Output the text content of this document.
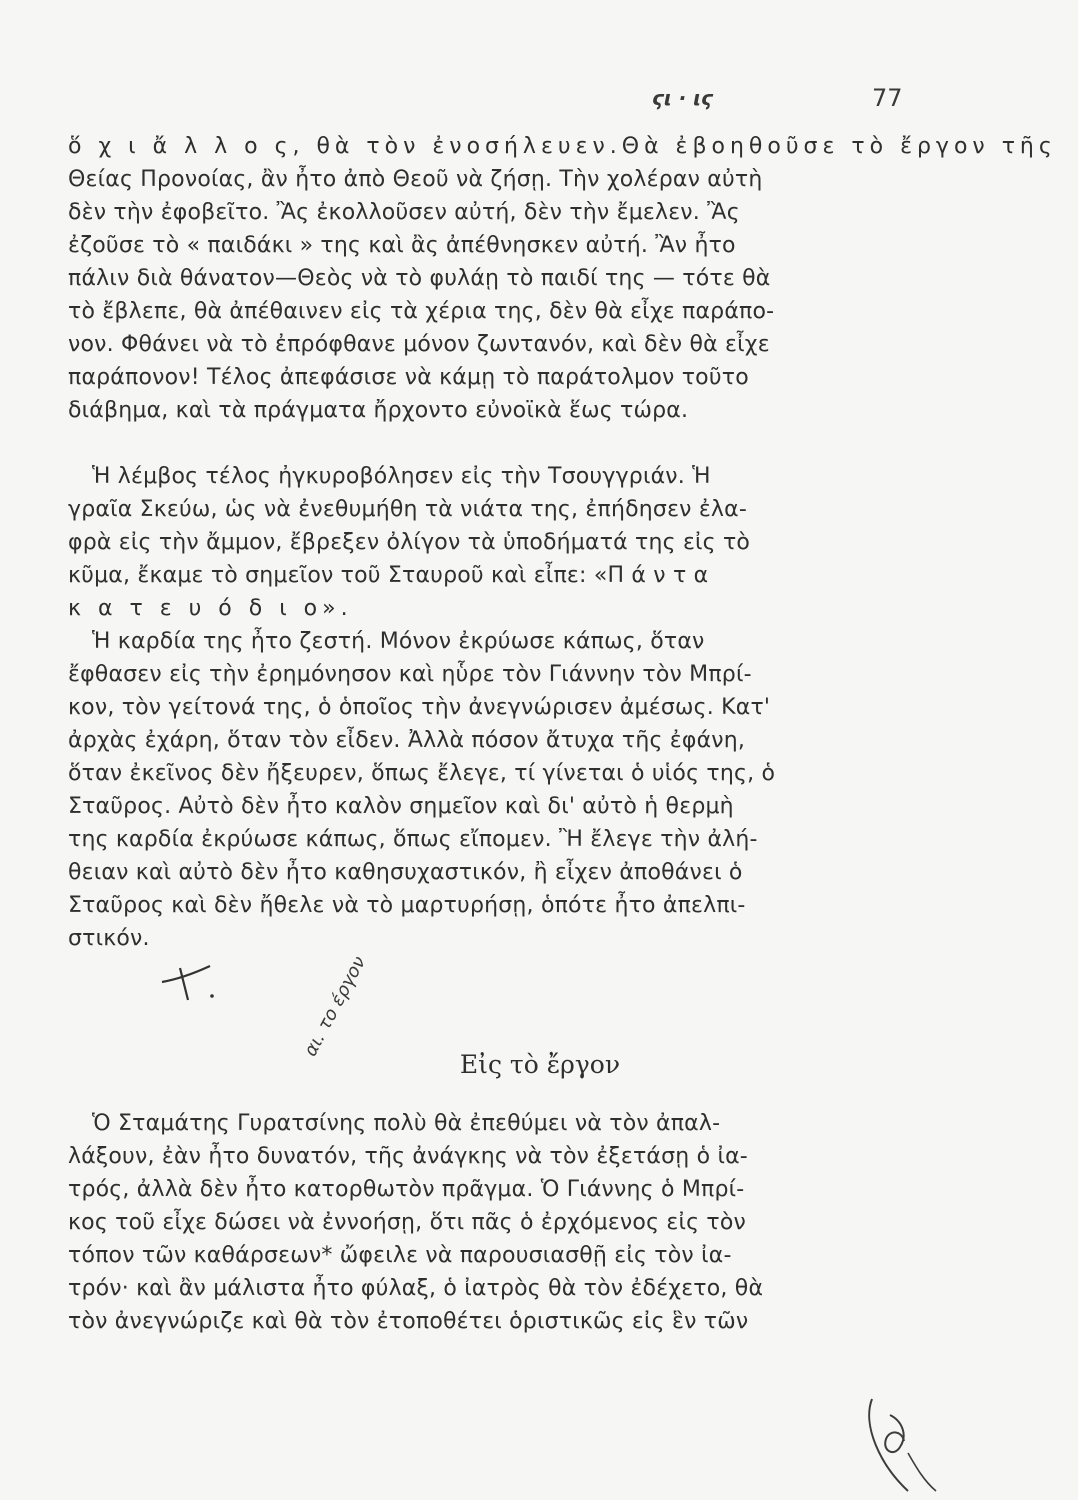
ϛι · ιϛ	77
ὅ χ ι ἄ λ λ ο ς, θὰ τὸν ἐνοσήλευεν.Θὰ ἐβοηθοῦσε τὸ ἔργον τῆς
Θείας Προνοίας, ἂν ἦτο ἀπὸ Θεοῦ νὰ ζήσῃ. Τὴν χολέραν αὐτὴ
δὲν τὴν ἐφοβεῖτο. Ἂς ἐκολλοῦσεν αὐτή, δὲν τὴν ἔμελεν. Ἂς
ἐζοῦσε τὸ « παιδάκι » της καὶ ἂς ἀπέθνησκεν αὐτή. Ἂν ἦτο
πάλιν διὰ θάνατον—Θεὸς νὰ τὸ φυλάῃ τὸ παιδί της — τότε θὰ
τὸ ἔβλεπε, θὰ ἀπέθαινεν εἰς τὰ χέρια της, δὲν θὰ εἶχε παράπο-
νον. Φθάνει νὰ τὸ ἐπρόφθανε μόνον ζωντανόν, καὶ δὲν θὰ εἶχε
παράπονον! Τέλος ἀπεφάσισε νὰ κάμῃ τὸ παράτολμον τοῦτο
διάβημα, καὶ τὰ πράγματα ἤρχοντο εὐνοϊκὰ ἕως τώρα.
Ἡ λέμβος τέλος ἠγκυροβόλησεν εἰς τὴν Τσουγγριάν. Ἡ
γραῖα Σκεύω, ὡς νὰ ἐνεθυμήθη τὰ νιάτα της, ἐπήδησεν ἐλα-
φρὰ εἰς τὴν ἄμμον, ἔβρεξεν ὀλίγον τὰ ὑποδήματά της εἰς τὸ
κῦμα, ἔκαμε τὸ σημεῖον τοῦ Σταυροῦ καὶ εἶπε: «Π ά ν τ α
κ α τ ε υ ό δ ι ο».
Ἡ καρδία της ἦτο ζεστή. Μόνον ἐκρύωσε κάπως, ὅταν
ἔφθασεν εἰς τὴν ἐρημόνησον καὶ ηὗρε τὸν Γιάννην τὸν Μπρί-
κον, τὸν γείτονά της, ὁ ὁποῖος τὴν ἀνεγνώρισεν ἀμέσως. Κατ'
ἀρχὰς ἐχάρη, ὅταν τὸν εἶδεν. Ἀλλὰ πόσον ἄτυχα τῆς ἐφάνη,
ὅταν ἐκεῖνος δὲν ἤξευρεν, ὅπως ἔλεγε, τί γίνεται ὁ υἱός της, ὁ
Σταῦρος. Αὐτὸ δὲν ἦτο καλὸν σημεῖον καὶ δι' αὐτὸ ἡ θερμὴ
της καρδία ἐκρύωσε κάπως, ὅπως εἴπομεν. Ἢ ἔλεγε τὴν ἀλή-
θειαν καὶ αὐτὸ δὲν ἦτο καθησυχαστικόν, ἢ εἶχεν ἀποθάνει ὁ
Σταῦρος καὶ δὲν ἤθελε νὰ τὸ μαρτυρήσῃ, ὁπότε ἦτο ἀπελπι-
στικόν.
αι. το έργον
Εἰς τὸ ἔργον
Ὁ Σταμάτης Γυρατσίνης πολὺ θὰ ἐπεθύμει νὰ τὸν ἀπαλ-
λάξουν, ἐὰν ἦτο δυνατόν, τῆς ἀνάγκης νὰ τὸν ἐξετάσῃ ὁ ἰα-
τρός, ἀλλὰ δὲν ἦτο κατορθωτὸν πρᾶγμα. Ὁ Γιάννης ὁ Μπρί-
κος τοῦ εἶχε δώσει νὰ ἐννοήσῃ, ὅτι πᾶς ὁ ἐρχόμενος εἰς τὸν
τόπον τῶν καθάρσεων* ὤφειλε νὰ παρουσιασθῇ εἰς τὸν ἰα-
τρόν· καὶ ἂν μάλιστα ἦτο φύλαξ, ὁ ἰατρὸς θὰ τὸν ἐδέχετο, θὰ
τὸν ἀνεγνώριζε καὶ θὰ τὸν ἐτοποθέτει ὁριστικῶς εἰς ἓν τῶν
